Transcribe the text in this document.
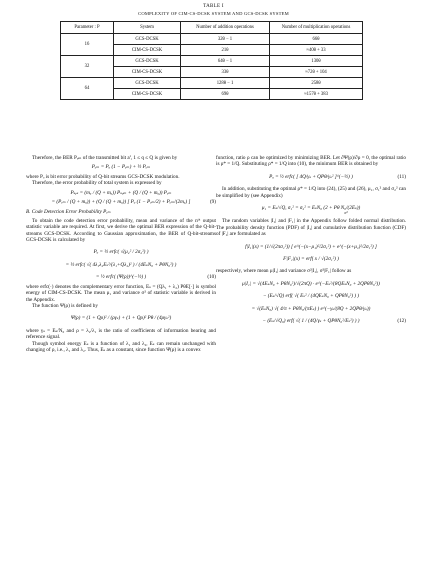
TABLE I
COMPLEXITY OF CIM-CS-DCSK SYSTEM AND GCS-DCSK SYSTEM
Parameter : P	System	Number of addition operations	Number of multiplication operations
16	GCS-DCSK	32θ − 1	66θ
	CIM-CS-DCSK	21θ	≈40θ + 33
32	GCS-DCSK	64θ − 1	130θ
	CIM-CS-DCSK	33θ	≈72θ + 104
64	GCS-DCSK	128θ − 1	258θ
	CIM-CS-DCSK	69θ	≈157θ + 383
Therefore, the BER Pₑₘ of the transmitted bit aⁱ, 1 ≤ q ≤ Q is given by
Pₑₘ = Pₒ (1 − Pₑₘ) + ½ Pₑₘ
where Pₒ is bit error probability of Q-bit streams GCS-DCSK modulation.
Therefore, the error probability of total system is expressed by
Pₛᵧₛ = (mₐ / (Q + mₐ)) Pₛₒₘ + (Q / (Q + mₐ)) Pₑₘ
= (Pₑₘ / (Q + mₐ)) + (Q / (Q + mₐ)) [ Pₒ (1 − Pₑₘ/2) + Pₑₘ/(2mₐ) ]	(9)
B. Code Detection Error Probability Pₑₘ
To obtain the code detection error probability, mean and variance of the nᵗʰ output statistic variable are required. At first, we derive the optimal BER expression of the Q-bit-streams GCS-DCSK. According to Gaussian approximation, the BER of Q-bit-streams GCS-DCSK is calculated by
Pₒ = ½ erfc( √(μ₂² / 2σ₂²) )
= ½ erfc( √( 4λ₁λ₂Eₛ²/(λ₁+Qλ₂)² ) / (4EₛN₀ + PθN₀²) )
= ½ erfc( (Ψ(ρ))^(−½) )	(10)
where erfc(·) denotes the complementary error function, Eₛ = (Qλ₁ + λ₂) PθE[·] is symbol energy of CIM-CS-DCSK. The mean μ₁ and variance σ² of statistic variable is derived in the Appendix.
The function Ψ(ρ) is defined by
Ψ(ρ) = (1 + Qρ)² / (ργₛ) + (1 + Qρ)² Pθ / (4ργₛ²)
where γₛ = Eₛ/N₀ and ρ = λ₂/λ₁ is the ratio of coefficients of information bearing and reference signal.
Though symbol energy Eₛ is a function of λ₁ and λ₂, Eₛ can remain unchanged with changing of ρ, i.e., λ₁ and λ₂. Thus, Eₛ as a constant, since function Ψ(ρ) is a convex
function, ratio ρ can be optimized by minimizing BER. Let ∂Ψ(ρ)/∂ρ = 0, the optimal ratio is ρ* = 1/Q. Substituting ρ* = 1/Q into (10), the minimum BER is obtained by
Pₒ = ½ erfc( [ 4Q/γₛ + QPθ/γₛ² ]^(−½) )	(11)
In addition, substituting the optimal ρ* = 1/Q into (24), (25) and (26), μ₁, σ₁² and σ₂² can be simplified by (see Appendix)
μ₁ = Eₛ/√Q, σ₁² = σ₂² = EₛN₀ (2 + Pθ N₀/(2Eₛ))
σ²
The random variables |I₁| and |F₁| in the Appendix follow folded normal distribution. The probability density function (PDF) of |I₁| and cumulative distribution function (CDF) of |F₁| are formulated as
f|I₁|(x) = (1/√(2πσ₁²)) [ e^(−(x−μ₁)²/2σ₁²) + e^(−(x+μ₁)²/2σ₁²) ]
F|F₁|(x) = erf( x / √(2σ₁²) )
respectively, where mean μ|I₁| and variance σ²|I₁|, σ²|F₁| follow as
μ|I₁| = √(4EₛN₀ + PθN₀²)/√(2πQ) · e^(−Eₛ²/(8QEₛN₀ + 2QPθN₀²))
− (Eₛ/√Q) erf( √( Eₛ² / (4QEₛN₀ + QPθN₀²) ) )
= √(EₛN₀) √( 4/π + PθN₀/(πEₛ) ) e^(−γₛ/(8Q + 2QPθ/γₛ))
− (Eₛ/√Q₀) erf( √( 1 / (4Q/γₛ + QPθN₀²/Eₛ²) ) )	(12)
